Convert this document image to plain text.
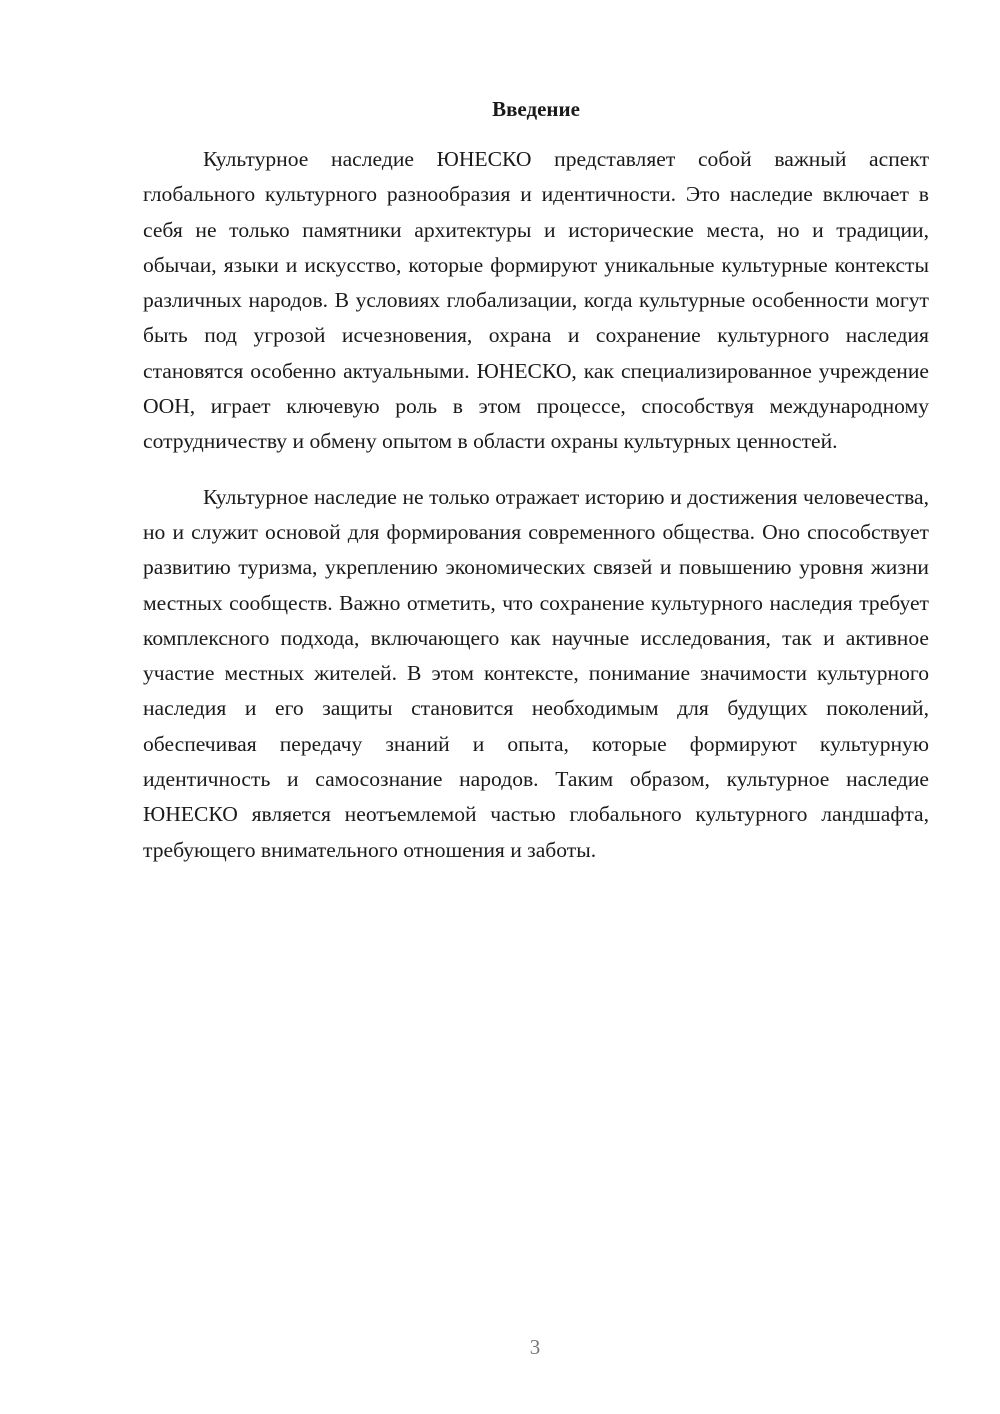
Введение

Культурное наследие ЮНЕСКО представляет собой важный аспект глобального культурного разнообразия и идентичности. Это наследие включает в себя не только памятники архитектуры и исторические места, но и традиции, обычаи, языки и искусство, которые формируют уникальные культурные контексты различных народов. В условиях глобализации, когда культурные особенности могут быть под угрозой исчезновения, охрана и сохранение культурного наследия становятся особенно актуальными. ЮНЕСКО, как специализированное учреждение ООН, играет ключевую роль в этом процессе, способствуя международному сотрудничеству и обмену опытом в области охраны культурных ценностей.

Культурное наследие не только отражает историю и достижения человечества, но и служит основой для формирования современного общества. Оно способствует развитию туризма, укреплению экономических связей и повышению уровня жизни местных сообществ. Важно отметить, что сохранение культурного наследия требует комплексного подхода, включающего как научные исследования, так и активное участие местных жителей. В этом контексте, понимание значимости культурного наследия и его защиты становится необходимым для будущих поколений, обеспечивая передачу знаний и опыта, которые формируют культурную идентичность и самосознание народов. Таким образом, культурное наследие ЮНЕСКО является неотъемлемой частью глобального культурного ландшафта, требующего внимательного отношения и заботы.

3
